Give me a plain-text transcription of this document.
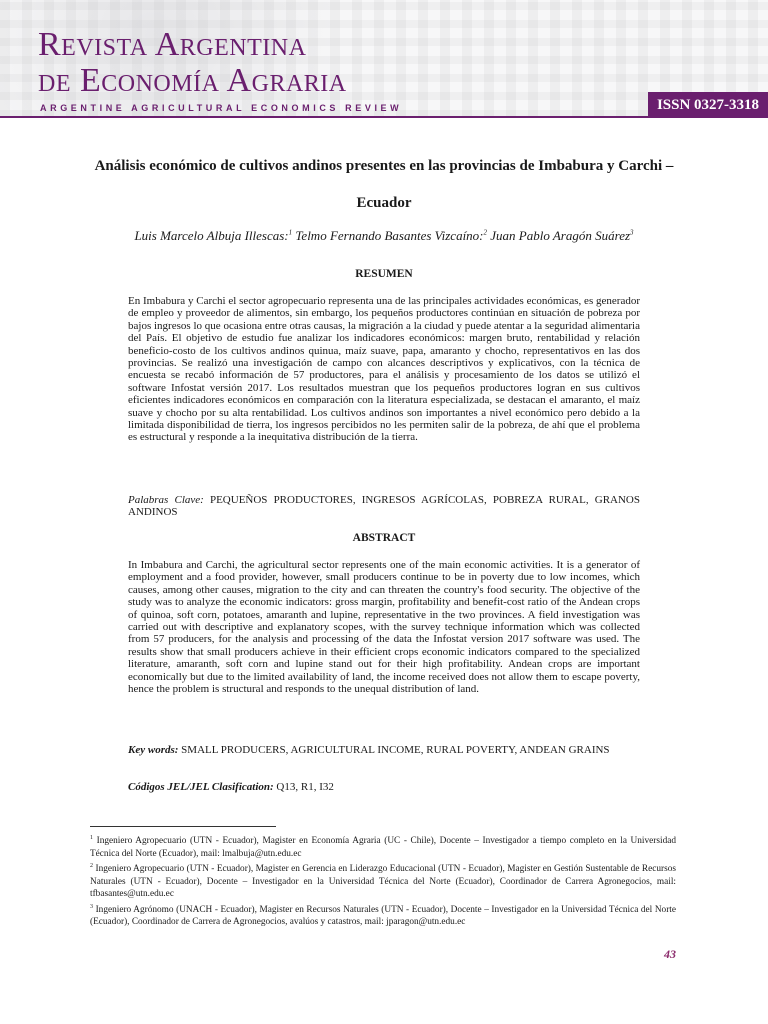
Revista Argentina
de Economía Agraria
ARGENTINE AGRICULTURAL ECONOMICS REVIEW	ISSN 0327-3318
Análisis económico de cultivos andinos presentes en las provincias de Imbabura y Carchi – Ecuador
Luis Marcelo Albuja Illescas:$^1$ Telmo Fernando Basantes Vizcaíno:$^2$ Juan Pablo Aragón Suárez$^3$
RESUMEN
En Imbabura y Carchi el sector agropecuario representa una de las principales actividades económicas, es generador de empleo y proveedor de alimentos, sin embargo, los pequeños productores continúan en situación de pobreza por bajos ingresos lo que ocasiona entre otras causas, la migración a la ciudad y puede atentar a la seguridad alimentaria del País. El objetivo de estudio fue analizar los indicadores económicos: margen bruto, rentabilidad y relación beneficio-costo de los cultivos andinos quinua, maíz suave, papa, amaranto y chocho, representativos en las dos provincias. Se realizó una investigación de campo con alcances descriptivos y explicativos, con la técnica de encuesta se recabó información de 57 productores, para el análisis y procesamiento de los datos se utilizó el software Infostat versión 2017. Los resultados muestran que los pequeños productores logran en sus cultivos eficientes indicadores económicos en comparación con la literatura especializada, se destacan el amaranto, el maíz suave y chocho por su alta rentabilidad. Los cultivos andinos son importantes a nivel económico pero debido a la limitada disponibilidad de tierra, los ingresos percibidos no les permiten salir de la pobreza, de ahí que el problema es estructural y responde a la inequitativa distribución de la tierra.
Palabras Clave: PEQUEÑOS PRODUCTORES, INGRESOS AGRÍCOLAS, POBREZA RURAL, GRANOS ANDINOS
ABSTRACT
In Imbabura and Carchi, the agricultural sector represents one of the main economic activities. It is a generator of employment and a food provider, however, small producers continue to be in poverty due to low incomes, which causes, among other causes, migration to the city and can threaten the country's food security. The objective of the study was to analyze the economic indicators: gross margin, profitability and benefit-cost ratio of the Andean crops of quinoa, soft corn, potatoes, amaranth and lupine, representative in the two provinces. A field investigation was carried out with descriptive and explanatory scopes, with the survey technique information which was collected from 57 producers, for the analysis and processing of the data the Infostat version 2017 software was used. The results show that small producers achieve in their efficient crops economic indicators compared to the specialized literature, amaranth, soft corn and lupine stand out for their high profitability. Andean crops are important economically but due to the limited availability of land, the income received does not allow them to escape poverty, hence the problem is structural and responds to the unequal distribution of land.
Key words: SMALL PRODUCERS, AGRICULTURAL INCOME, RURAL POVERTY, ANDEAN GRAINS
Códigos JEL/JEL Clasification: Q13, R1, I32

$^1$ Ingeniero Agropecuario (UTN - Ecuador), Magister en Economía Agraria (UC - Chile), Docente – Investigador a tiempo completo en la Universidad Técnica del Norte (Ecuador), mail: lmalbuja@utn.edu.ec

$^2$ Ingeniero Agropecuario (UTN - Ecuador), Magister en Gerencia en Liderazgo Educacional (UTN - Ecuador), Magister en Gestión Sustentable de Recursos Naturales (UTN - Ecuador), Docente – Investigador en la Universidad Técnica del Norte (Ecuador), Coordinador de Carrera Agronegocios, mail: tfbasantes@utn.edu.ec

$^3$ Ingeniero Agrónomo (UNACH - Ecuador), Magister en Recursos Naturales (UTN - Ecuador), Docente – Investigador en la Universidad Técnica del Norte (Ecuador), Coordinador de Carrera de Agronegocios, avalúos y catastros, mail: jparagon@utn.edu.ec

43
